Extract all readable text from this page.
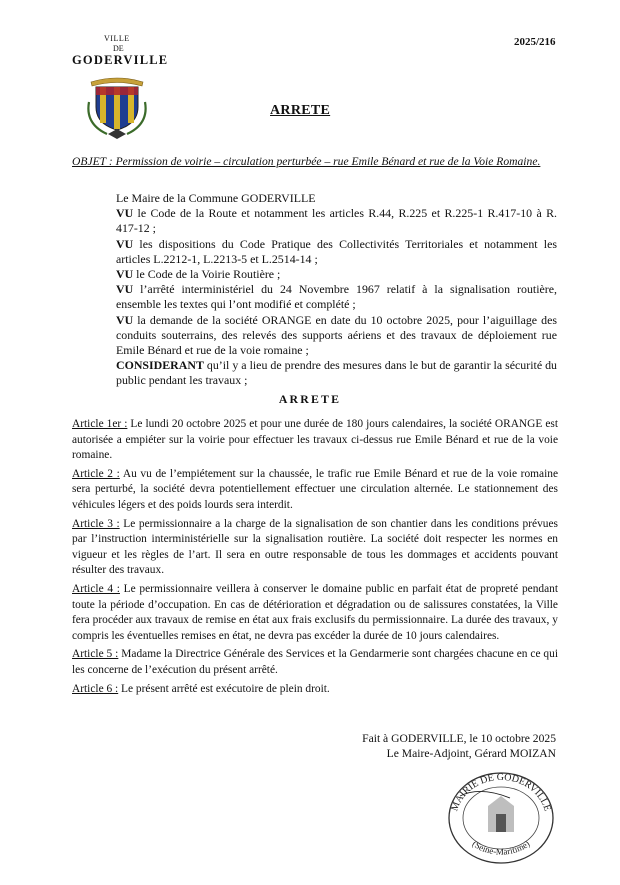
VILLE
DE
GODERVILLE
2025/216
ARRETE
OBJET : Permission de voirie – circulation perturbée – rue Emile Bénard et rue de la Voie Romaine.

Le Maire de la Commune GODERVILLE

VU le Code de la Route et notamment les articles R.44, R.225 et R.225-1 R.417-10 à R. 417-12 ;

VU les dispositions du Code Pratique des Collectivités Territoriales et notamment les articles L.2212-1, L.2213-5 et L.2514-14 ;

VU le Code de la Voirie Routière ;

VU l’arrêté interministériel du 24 Novembre 1967 relatif à la signalisation routière, ensemble les textes qui l’ont modifié et complété ;

VU la demande de la société ORANGE en date du 10 octobre 2025, pour l’aiguillage des conduits souterrains, des relevés des supports aériens et des travaux de déploiement rue Emile Bénard et rue de la voie romaine ;

CONSIDERANT qu’il y a lieu de prendre des mesures dans le but de garantir la sécurité du public pendant les travaux ;

ARRETE

Article 1er : Le lundi 20 octobre 2025 et pour une durée de 180 jours calendaires, la société ORANGE est autorisée a empiéter sur la voirie pour effectuer les travaux ci-dessus rue Emile Bénard et rue de la voie romaine.

Article 2 : Au vu de l’empiétement sur la chaussée, le trafic rue Emile Bénard et rue de la voie romaine sera perturbé, la société devra potentiellement effectuer une circulation alternée. Le stationnement des véhicules légers et des poids lourds sera interdit.

Article 3 : Le permissionnaire a la charge de la signalisation de son chantier dans les conditions prévues par l’instruction interministérielle sur la signalisation routière. La société doit respecter les normes en vigueur et les règles de l’art. Il sera en outre responsable de tous les dommages et accidents pouvant résulter des travaux.

Article 4 : Le permissionnaire veillera à conserver le domaine public en parfait état de propreté pendant toute la période d’occupation. En cas de détérioration et dégradation ou de salissures constatées, la Ville fera procéder aux travaux de remise en état aux frais exclusifs du permissionnaire. La durée des travaux, y compris les éventuelles remises en état, ne devra pas excéder la durée de 10 jours calendaires.

Article 5 : Madame la Directrice Générale des Services et la Gendarmerie sont chargées chacune en ce qui les concerne de l’exécution du présent arrêté.

Article 6 : Le présent arrêté est exécutoire de plein droit.

Fait à GODERVILLE, le 10 octobre 2025
Le Maire-Adjoint, Gérard MOIZAN
MAIRIE DE GODERVILLE
(Seine-Maritime)
